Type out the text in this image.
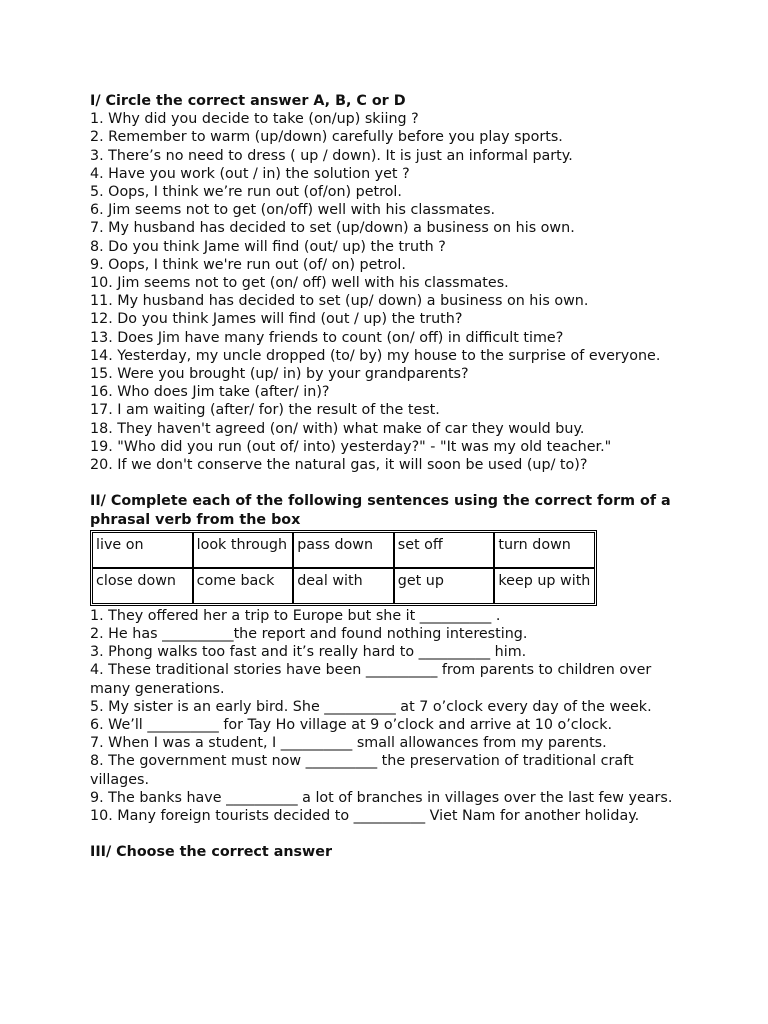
I/ Circle the correct answer A, B, C or D

1. Why did you decide to take (on/up) skiing ?

2. Remember to warm (up/down) carefully before you play sports.

3. There’s no need to dress ( up / down). It is just an informal party.

4. Have you work (out / in) the solution yet ?

5. Oops, I think we’re run out (of/on) petrol.

6. Jim seems not to get (on/off) well with his classmates.

7. My husband has decided to set (up/down) a business on his own.

8. Do you think Jame will find (out/ up) the truth ?

9. Oops, I think we're run out (of/ on) petrol.

10. Jim seems not to get (on/ off) well with his classmates.

11. My husband has decided to set (up/ down) a business on his own.

12. Do you think James will find (out / up) the truth?

13. Does Jim have many friends to count (on/ off) in difficult time?

14. Yesterday, my uncle dropped (to/ by) my house to the surprise of everyone.

15. Were you brought (up/ in) by your grandparents?

16. Who does Jim take (after/ in)?

17. I am waiting (after/ for) the result of the test.

18. They haven't agreed (on/ with) what make of car they would buy.

19. "Who did you run (out of/ into) yesterday?" - "It was my old teacher."

20. If we don't conserve the natural gas, it will soon be used (up/ to)?

II/ Complete each of the following sentences using the correct form of a phrasal verb from the box

live on	look through	pass down	set off	turn down
close down	come back	deal with	get up	keep up with

1. They offered her a trip to Europe but she it __________ .

2. He has __________the report and found nothing interesting.

3. Phong walks too fast and it’s really hard to __________ him.

4. These traditional stories have been __________ from parents to children over many generations.

5. My sister is an early bird. She __________ at 7 o’clock every day of the week.

6. We’ll __________ for Tay Ho village at 9 o’clock and arrive at 10 o’clock.

7. When I was a student, I __________ small allowances from my parents.

8. The government must now __________ the preservation of traditional craft villages.

9. The banks have __________ a lot of branches in villages over the last few years.

10. Many foreign tourists decided to __________ Viet Nam for another holiday.

III/ Choose the correct answer
